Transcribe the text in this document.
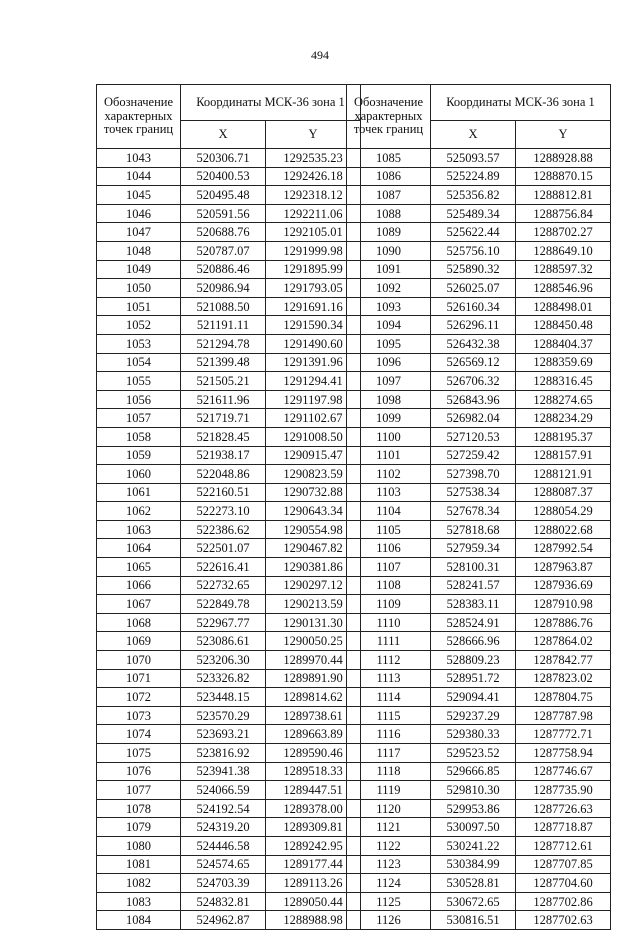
494
Обозначение характерных точек границ	Координаты МСК-36 зона 1	
	X	Y
1043	520306.71	1292535.23
1044	520400.53	1292426.18
1045	520495.48	1292318.12
1046	520591.56	1292211.06
1047	520688.76	1292105.01
1048	520787.07	1291999.98
1049	520886.46	1291895.99
1050	520986.94	1291793.05
1051	521088.50	1291691.16
1052	521191.11	1291590.34
1053	521294.78	1291490.60
1054	521399.48	1291391.96
1055	521505.21	1291294.41
1056	521611.96	1291197.98
1057	521719.71	1291102.67
1058	521828.45	1291008.50
1059	521938.17	1290915.47
1060	522048.86	1290823.59
1061	522160.51	1290732.88
1062	522273.10	1290643.34
1063	522386.62	1290554.98
1064	522501.07	1290467.82
1065	522616.41	1290381.86
1066	522732.65	1290297.12
1067	522849.78	1290213.59
1068	522967.77	1290131.30
1069	523086.61	1290050.25
1070	523206.30	1289970.44
1071	523326.82	1289891.90
1072	523448.15	1289814.62
1073	523570.29	1289738.61
1074	523693.21	1289663.89
1075	523816.92	1289590.46
1076	523941.38	1289518.33
1077	524066.59	1289447.51
1078	524192.54	1289378.00
1079	524319.20	1289309.81
1080	524446.58	1289242.95
1081	524574.65	1289177.44
1082	524703.39	1289113.26
1083	524832.81	1289050.44
1084	524962.87	1288988.98
Обозначение характерных точек границ	Координаты МСК-36 зона 1	
	X	Y
1085	525093.57	1288928.88
1086	525224.89	1288870.15
1087	525356.82	1288812.81
1088	525489.34	1288756.84
1089	525622.44	1288702.27
1090	525756.10	1288649.10
1091	525890.32	1288597.32
1092	526025.07	1288546.96
1093	526160.34	1288498.01
1094	526296.11	1288450.48
1095	526432.38	1288404.37
1096	526569.12	1288359.69
1097	526706.32	1288316.45
1098	526843.96	1288274.65
1099	526982.04	1288234.29
1100	527120.53	1288195.37
1101	527259.42	1288157.91
1102	527398.70	1288121.91
1103	527538.34	1288087.37
1104	527678.34	1288054.29
1105	527818.68	1288022.68
1106	527959.34	1287992.54
1107	528100.31	1287963.87
1108	528241.57	1287936.69
1109	528383.11	1287910.98
1110	528524.91	1287886.76
1111	528666.96	1287864.02
1112	528809.23	1287842.77
1113	528951.72	1287823.02
1114	529094.41	1287804.75
1115	529237.29	1287787.98
1116	529380.33	1287772.71
1117	529523.52	1287758.94
1118	529666.85	1287746.67
1119	529810.30	1287735.90
1120	529953.86	1287726.63
1121	530097.50	1287718.87
1122	530241.22	1287712.61
1123	530384.99	1287707.85
1124	530528.81	1287704.60
1125	530672.65	1287702.86
1126	530816.51	1287702.63
